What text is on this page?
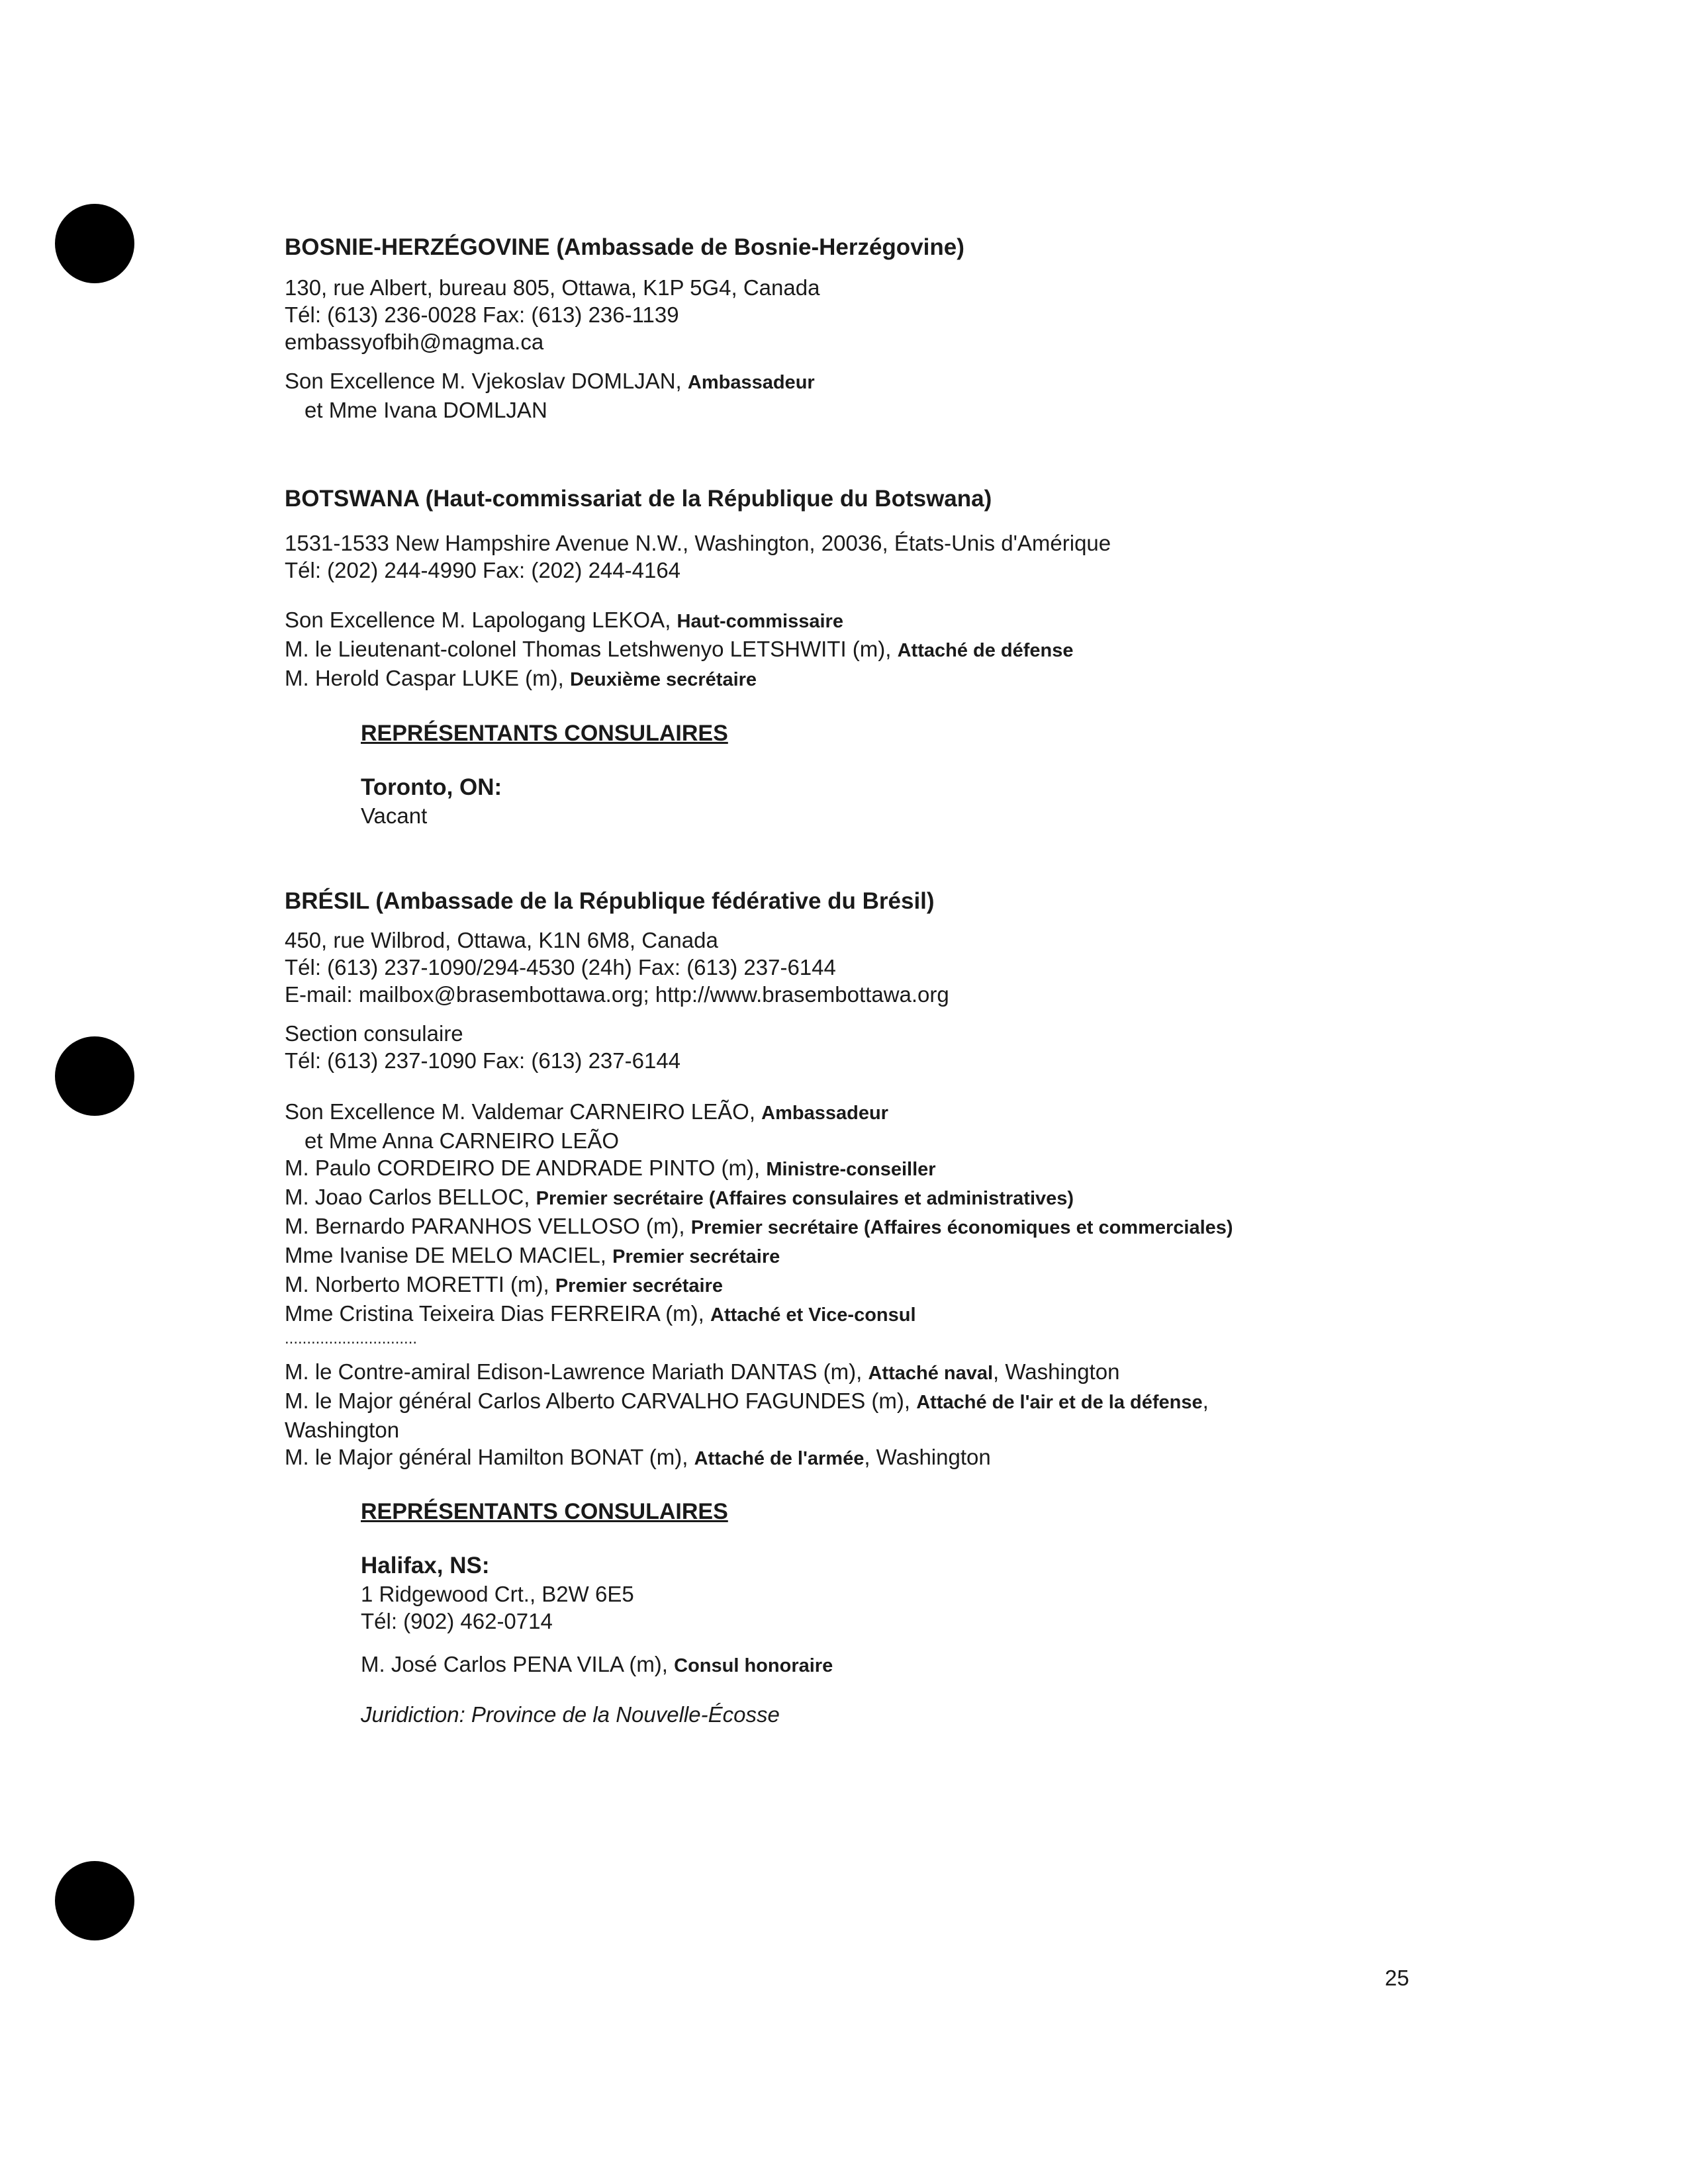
BOSNIE-HERZÉGOVINE (Ambassade de Bosnie-Herzégovine)
130, rue Albert, bureau 805, Ottawa, K1P 5G4, Canada
Tél: (613) 236-0028 Fax: (613) 236-1139
embassyofbih@magma.ca
Son Excellence M. Vjekoslav DOMLJAN, Ambassadeur
et Mme Ivana DOMLJAN
BOTSWANA (Haut-commissariat de la République du Botswana)
1531-1533 New Hampshire Avenue N.W., Washington, 20036, États-Unis d'Amérique
Tél: (202) 244-4990 Fax: (202) 244-4164
Son Excellence M. Lapologang LEKOA, Haut-commissaire
M. le Lieutenant-colonel Thomas Letshwenyo LETSHWITI (m), Attaché de défense
M. Herold Caspar LUKE (m), Deuxième secrétaire
REPRÉSENTANTS CONSULAIRES
Toronto, ON:
Vacant
BRÉSIL (Ambassade de la République fédérative du Brésil)
450, rue Wilbrod, Ottawa, K1N 6M8, Canada
Tél: (613) 237-1090/294-4530 (24h) Fax: (613) 237-6144
E-mail: mailbox@brasembottawa.org; http://www.brasembottawa.org
Section consulaire
Tél: (613) 237-1090 Fax: (613) 237-6144
Son Excellence M. Valdemar CARNEIRO LEÃO, Ambassadeur
et Mme Anna CARNEIRO LEÃO
M. Paulo CORDEIRO DE ANDRADE PINTO (m), Ministre-conseiller
M. Joao Carlos BELLOC, Premier secrétaire (Affaires consulaires et administratives)
M. Bernardo PARANHOS VELLOSO (m), Premier secrétaire (Affaires économiques et commerciales)
Mme Ivanise DE MELO MACIEL, Premier secrétaire
M. Norberto MORETTI (m), Premier secrétaire
Mme Cristina Teixeira Dias FERREIRA (m), Attaché et Vice-consul
..............................
M. le Contre-amiral Edison-Lawrence Mariath DANTAS (m), Attaché naval, Washington
M. le Major général Carlos Alberto CARVALHO FAGUNDES (m), Attaché de l'air et de la défense,
Washington
M. le Major général Hamilton BONAT (m), Attaché de l'armée, Washington
REPRÉSENTANTS CONSULAIRES
Halifax, NS:
1 Ridgewood Crt., B2W 6E5
Tél: (902) 462-0714
M. José Carlos PENA VILA (m), Consul honoraire
Juridiction: Province de la Nouvelle-Écosse
25
